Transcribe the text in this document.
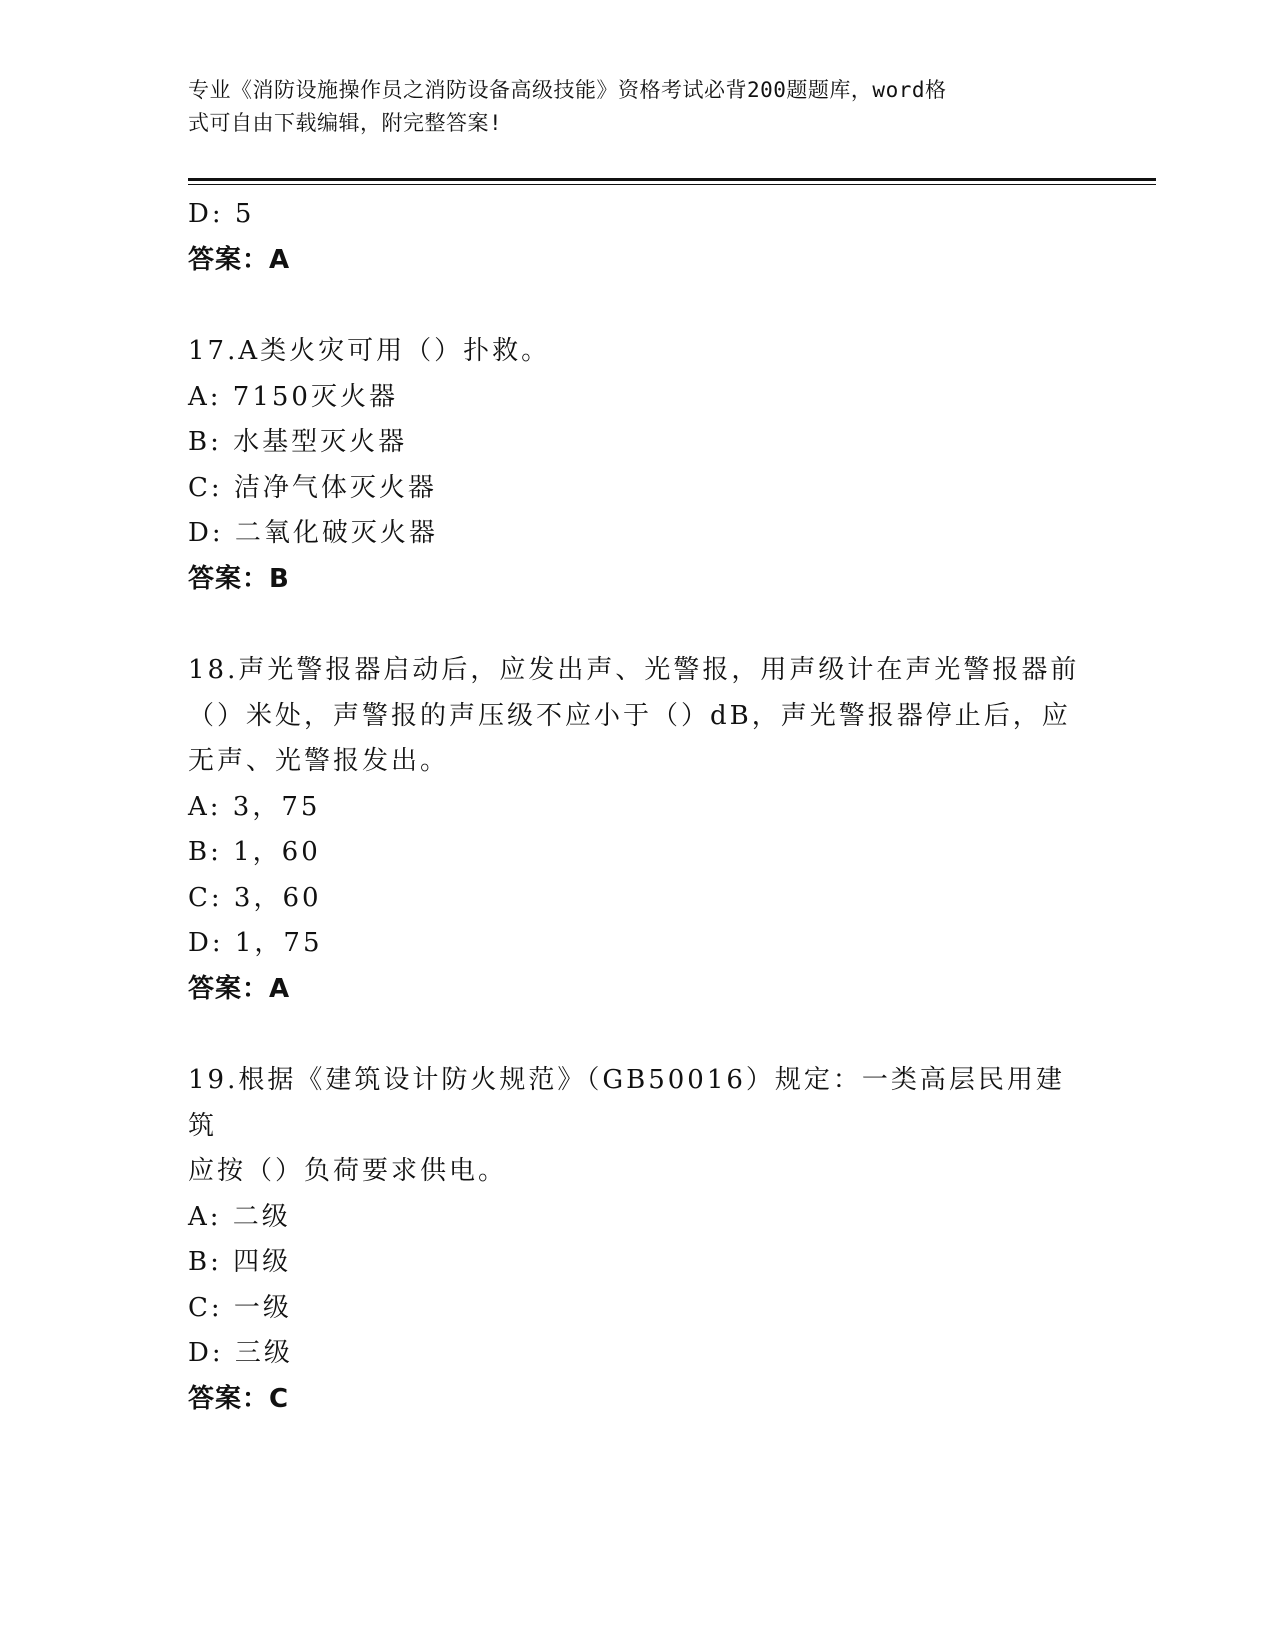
专业《消防设施操作员之消防设备高级技能》资格考试必背200题题库，word格
式可自由下载编辑，附完整答案!
D: 5
答案：A
17.A类火灾可用（）扑救。
A: 7150灭火器
B: 水基型灭火器
C: 洁净气体灭火器
D: 二氧化破灭火器
答案：B
18.声光警报器启动后，应发出声、光警报，用声级计在声光警报器前
（）米处，声警报的声压级不应小于（）dB，声光警报器停止后，应
无声、光警报发出。
A: 3，75
B: 1，60
C: 3，60
D: 1，75
答案：A
19.根据《建筑设计防火规范》（GB50016）规定：一类高层民用建筑
应按（）负荷要求供电。
A: 二级
B: 四级
C: 一级
D: 三级
答案：C
